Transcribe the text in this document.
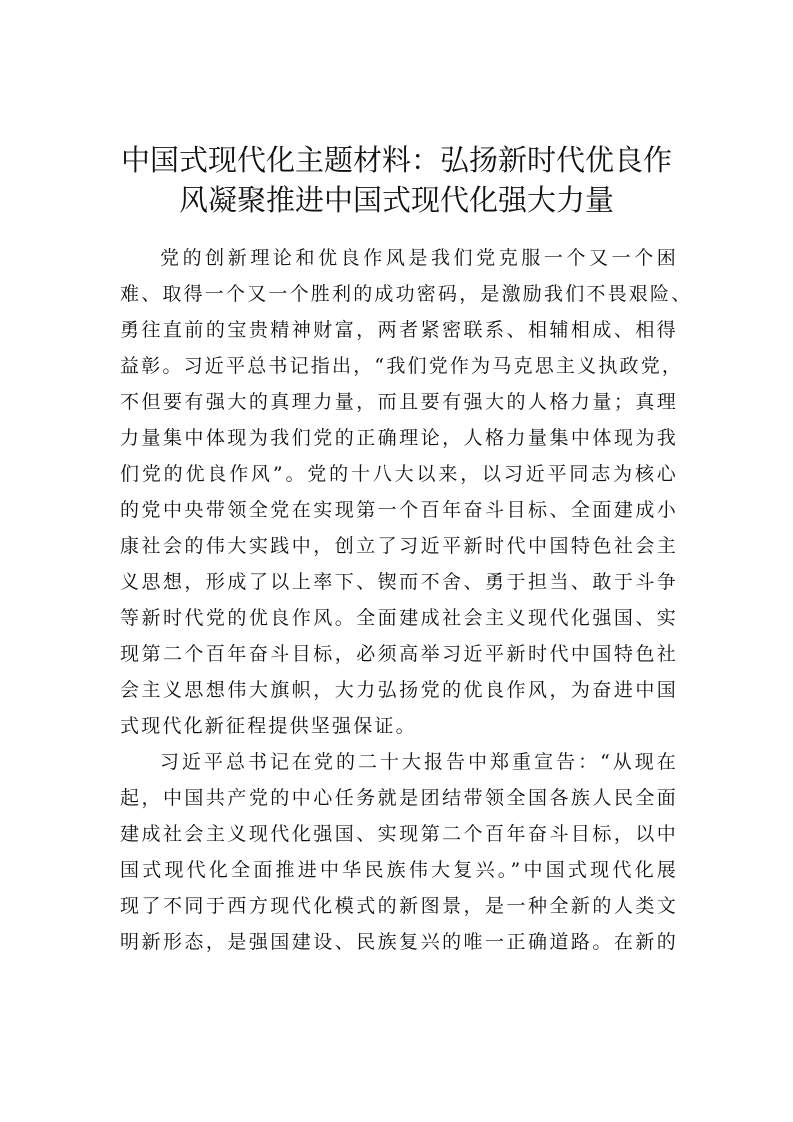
中国式现代化主题材料：弘扬新时代优良作
风凝聚推进中国式现代化强大力量
党的创新理论和优良作风是我们党克服一个又一个困
难、取得一个又一个胜利的成功密码，是激励我们不畏艰险、
勇往直前的宝贵精神财富，两者紧密联系、相辅相成、相得
益彰。习近平总书记指出，“我们党作为马克思主义执政党，
不但要有强大的真理力量，而且要有强大的人格力量；真理
力量集中体现为我们党的正确理论，人格力量集中体现为我
们党的优良作风”。党的十八大以来，以习近平同志为核心
的党中央带领全党在实现第一个百年奋斗目标、全面建成小
康社会的伟大实践中，创立了习近平新时代中国特色社会主
义思想，形成了以上率下、锲而不舍、勇于担当、敢于斗争
等新时代党的优良作风。全面建成社会主义现代化强国、实
现第二个百年奋斗目标，必须高举习近平新时代中国特色社
会主义思想伟大旗帜，大力弘扬党的优良作风，为奋进中国
式现代化新征程提供坚强保证。
习近平总书记在党的二十大报告中郑重宣告：“从现在
起，中国共产党的中心任务就是团结带领全国各族人民全面
建成社会主义现代化强国、实现第二个百年奋斗目标，以中
国式现代化全面推进中华民族伟大复兴。”中国式现代化展
现了不同于西方现代化模式的新图景，是一种全新的人类文
明新形态，是强国建设、民族复兴的唯一正确道路。在新的
